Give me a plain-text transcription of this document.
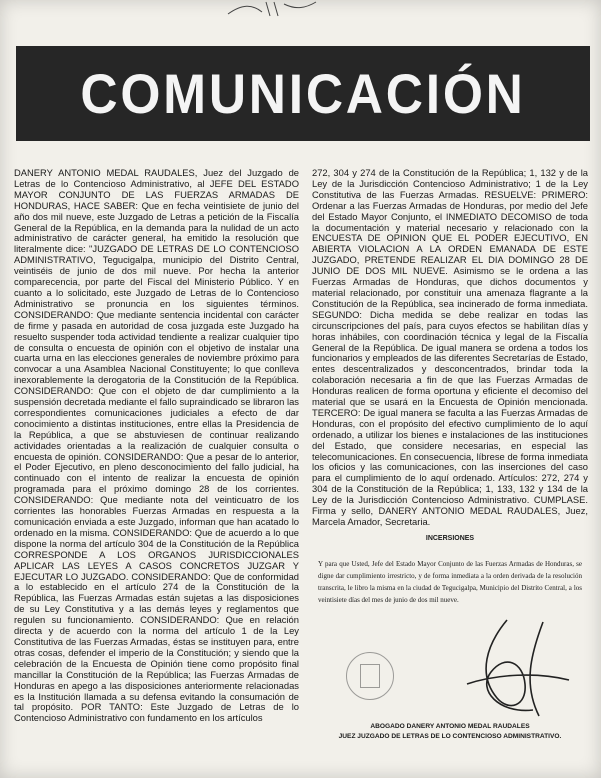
COMUNICACIÓN

DANERY ANTONIO MEDAL RAUDALES, Juez del Juzgado de Letras de lo Contencioso Administrativo, al JEFE DEL ESTADO MAYOR CONJUNTO DE LAS FUERZAS ARMADAS DE HONDURAS, HACE SABER: Que en fecha veintisiete de junio del año dos mil nueve, este Juzgado de Letras a petición de la Fiscalía General de la República, en la demanda para la nulidad de un acto administrativo de carácter general, ha emitido la resolución que literalmente dice: "JUZGADO DE LETRAS DE LO CONTENCIOSO ADMINISTRATIVO, Tegucigalpa, municipio del Distrito Central, veintiséis de junio de dos mil nueve. Por hecha la anterior comparecencia, por parte del Fiscal del Ministerio Público. Y en cuanto a lo solicitado, este Juzgado de Letras de lo Contencioso Administrativo se pronuncia en los siguientes términos. CONSIDERANDO: Que mediante sentencia incidental con carácter de firme y pasada en autoridad de cosa juzgada este Juzgado ha resuelto suspender toda actividad tendiente a realizar cualquier tipo de consulta o encuesta de opinión con el objetivo de instalar una cuarta urna en las elecciones generales de noviembre próximo para convocar a una Asamblea Nacional Constituyente; lo que conlleva inexorablemente la derogatoria de la Constitución de la República. CONSIDERANDO: Que con el objeto de dar cumplimiento a la suspensión decretada mediante el fallo supraindicado se libraron las correspondientes comunicaciones judiciales a efecto de dar conocimiento a distintas instituciones, entre ellas la Presidencia de la República, a que se abstuviesen de continuar realizando actividades orientadas a la realización de cualquier consulta o encuesta de opinión. CONSIDERANDO: Que a pesar de lo anterior, el Poder Ejecutivo, en pleno desconocimiento del fallo judicial, ha continuado con el intento de realizar la encuesta de opinión programada para el próximo domingo 28 de los corrientes. CONSIDERANDO: Que mediante nota del veinticuatro de los corrientes las honorables Fuerzas Armadas en respuesta a la comunicación enviada a este Juzgado, informan que han acatado lo ordenado en la misma. CONSIDERANDO: Que de acuerdo a lo que dispone la norma del artículo 304 de la Constitución de la República CORRESPONDE A LOS ORGANOS JURISDICCIONALES APLICAR LAS LEYES A CASOS CONCRETOS JUZGAR Y EJECUTAR LO JUZGADO. CONSIDERANDO: Que de conformidad a lo establecido en el artículo 274 de la Constitución de la República, las Fuerzas Armadas están sujetas a las disposiciones de su Ley Constitutiva y a las demás leyes y reglamentos que regulen su funcionamiento. CONSIDERANDO: Que en relación directa y de acuerdo con la norma del artículo 1 de la Ley Constitutiva de las Fuerzas Armadas, éstas se instituyen para, entre otras cosas, defender el imperio de la Constitución; y siendo que la celebración de la Encuesta de Opinión tiene como propósito final mancillar la Constitución de la República; las Fuerzas Armadas de Honduras en apego a las disposiciones anteriormente relacionadas es la Institución llamada a su defensa evitando la consumación de tal propósito. POR TANTO: Este Juzgado de Letras de lo Contencioso Administrativo con fundamento en los artículos

272, 304 y 274 de la Constitución de la República; 1, 132 y de la Ley de la Jurisdicción Contencioso Administrativo; 1 de la Ley Constitutiva de las Fuerzas Armadas. RESUELVE: PRIMERO: Ordenar a las Fuerzas Armadas de Honduras, por medio del Jefe del Estado Mayor Conjunto, el INMEDIATO DECOMISO de toda la documentación y material necesario y relacionado con la ENCUESTA DE OPINION QUE EL PODER EJECUTIVO, EN ABIERTA VIOLACION A LA ORDEN EMANADA DE ESTE JUZGADO, PRETENDE REALIZAR EL DIA DOMINGO 28 DE JUNIO DE DOS MIL NUEVE. Asimismo se le ordena a las Fuerzas Armadas de Honduras, que dichos documentos y material relacionado, por constituir una amenaza flagrante a la Constitución de la República, sea incinerado de forma inmediata. SEGUNDO: Dicha medida se debe realizar en todas las circunscripciones del país, para cuyos efectos se habilitan días y horas inhábiles, con coordinación técnica y legal de la Fiscalía General de la República. De igual manera se ordena a todos los funcionarios y empleados de las diferentes Secretarías de Estado, entes descentralizados y desconcentrados, brindar toda la colaboración necesaria a fin de que las Fuerzas Armadas de Honduras realicen de forma oportuna y eficiente el decomiso del material que se usará en la Encuesta de Opinión mencionada. TERCERO: De igual manera se faculta a las Fuerzas Armadas de Honduras, con el propósito del efectivo cumplimiento de lo aquí ordenado, a utilizar los bienes e instalaciones de las instituciones del Estado, que considere necesarias, en especial las telecomunicaciones. En consecuencia, líbrese de forma inmediata los oficios y las comunicaciones, con las inserciones del caso para el cumplimiento de lo aquí ordenado. Artículos: 272, 274 y 304 de la Constitución de la República; 1, 133, 132 y 134 de la Ley de la Jurisdicción Contencioso Administrativo. CUMPLASE. Firma y sello, DANERY ANTONIO MEDAL RAUDALES, Juez, Marcela Amador, Secretaria.

INCERSIONES
Y para que Usted, Jefe del Estado Mayor Conjunto de las Fuerzas Armadas de Honduras, se digne dar cumplimiento irrestricto, y de forma inmediata a la orden derivada de la resolución transcrita, le libro la misma en la ciudad de Tegucigalpa, Municipio del Distrito Central, a los veintisiete días del mes de junio de dos mil nueve.
ABOGADO DANERY ANTONIO MEDAL RAUDALES
JUEZ JUZGADO DE LETRAS DE LO CONTENCIOSO ADMINISTRATIVO.
